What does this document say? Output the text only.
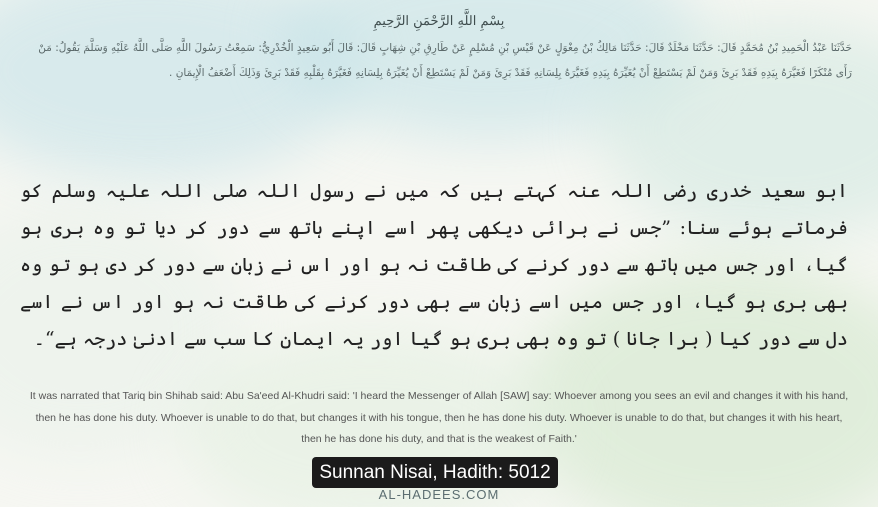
بِسْمِ اللَّهِ الرَّحْمَنِ الرَّحِيمِ
حَدَّثَنَا عَبْدُ الْحَمِيدِ بْنُ مُحَمَّدٍ قَالَ: حَدَّثَنَا مَخْلَدٌ قَالَ: حَدَّثَنَا مَالِكُ بْنُ مِغْوَلٍ عَنْ قَيْسِ بْنِ مُسْلِمٍ عَنْ طَارِقِ بْنِ شِهَابٍ قَالَ: قَالَ أَبُو سَعِيدٍ الْخُدْرِيُّ: سَمِعْتُ رَسُولَ اللَّهِ صَلَّى اللَّهُ عَلَيْهِ وَسَلَّمَ يَقُولُ: مَنْ رَأَى مُنْكَرًا فَغَيَّرَهُ بِيَدِهِ فَقَدْ بَرِئَ وَمَنْ لَمْ يَسْتَطِعْ أَنْ يُغَيِّرَهُ بِيَدِهِ فَغَيَّرَهُ بِلِسَانِهِ فَقَدْ بَرِئَ وَمَنْ لَمْ يَسْتَطِعْ أَنْ يُغَيِّرَهُ بِلِسَانِهِ فَغَيَّرَهُ بِقَلْبِهِ فَقَدْ بَرِئَ وَذَلِكَ أَضْعَفُ الْإِيمَانِ .
ابو سعید خدری رضی اللہ عنہ کہتے ہیں کہ میں نے رسول اللہ صلی اللہ علیہ وسلم کو فرماتے ہوئے سنا: ”جس نے برائی دیکھی پھر اسے اپنے ہاتھ سے دور کر دیا تو وہ بری ہو گیا، اور جس میں ہاتھ سے دور کرنے کی طاقت نہ ہو اور اس نے زبان سے دور کر دی ہو تو وہ بھی بری ہو گیا، اور جس میں اسے زبان سے بھی دور کرنے کی طاقت نہ ہو اور اس نے اسے دل سے دور کیا ( برا جانا ) تو وہ بھی بری ہو گیا اور یہ ایمان کا سب سے ادنیٰ درجہ ہے“۔
It was narrated that Tariq bin Shihab said: Abu Sa'eed Al-Khudri said: 'I heard the Messenger of Allah [SAW] say: Whoever among you sees an evil and changes it with his hand, then he has done his duty. Whoever is unable to do that, but changes it with his tongue, then he has done his duty. Whoever is unable to do that, but changes it with his heart, then he has done his duty, and that is the weakest of Faith.'
Sunnan Nisai, Hadith: 5012
AL-HADEES.COM
